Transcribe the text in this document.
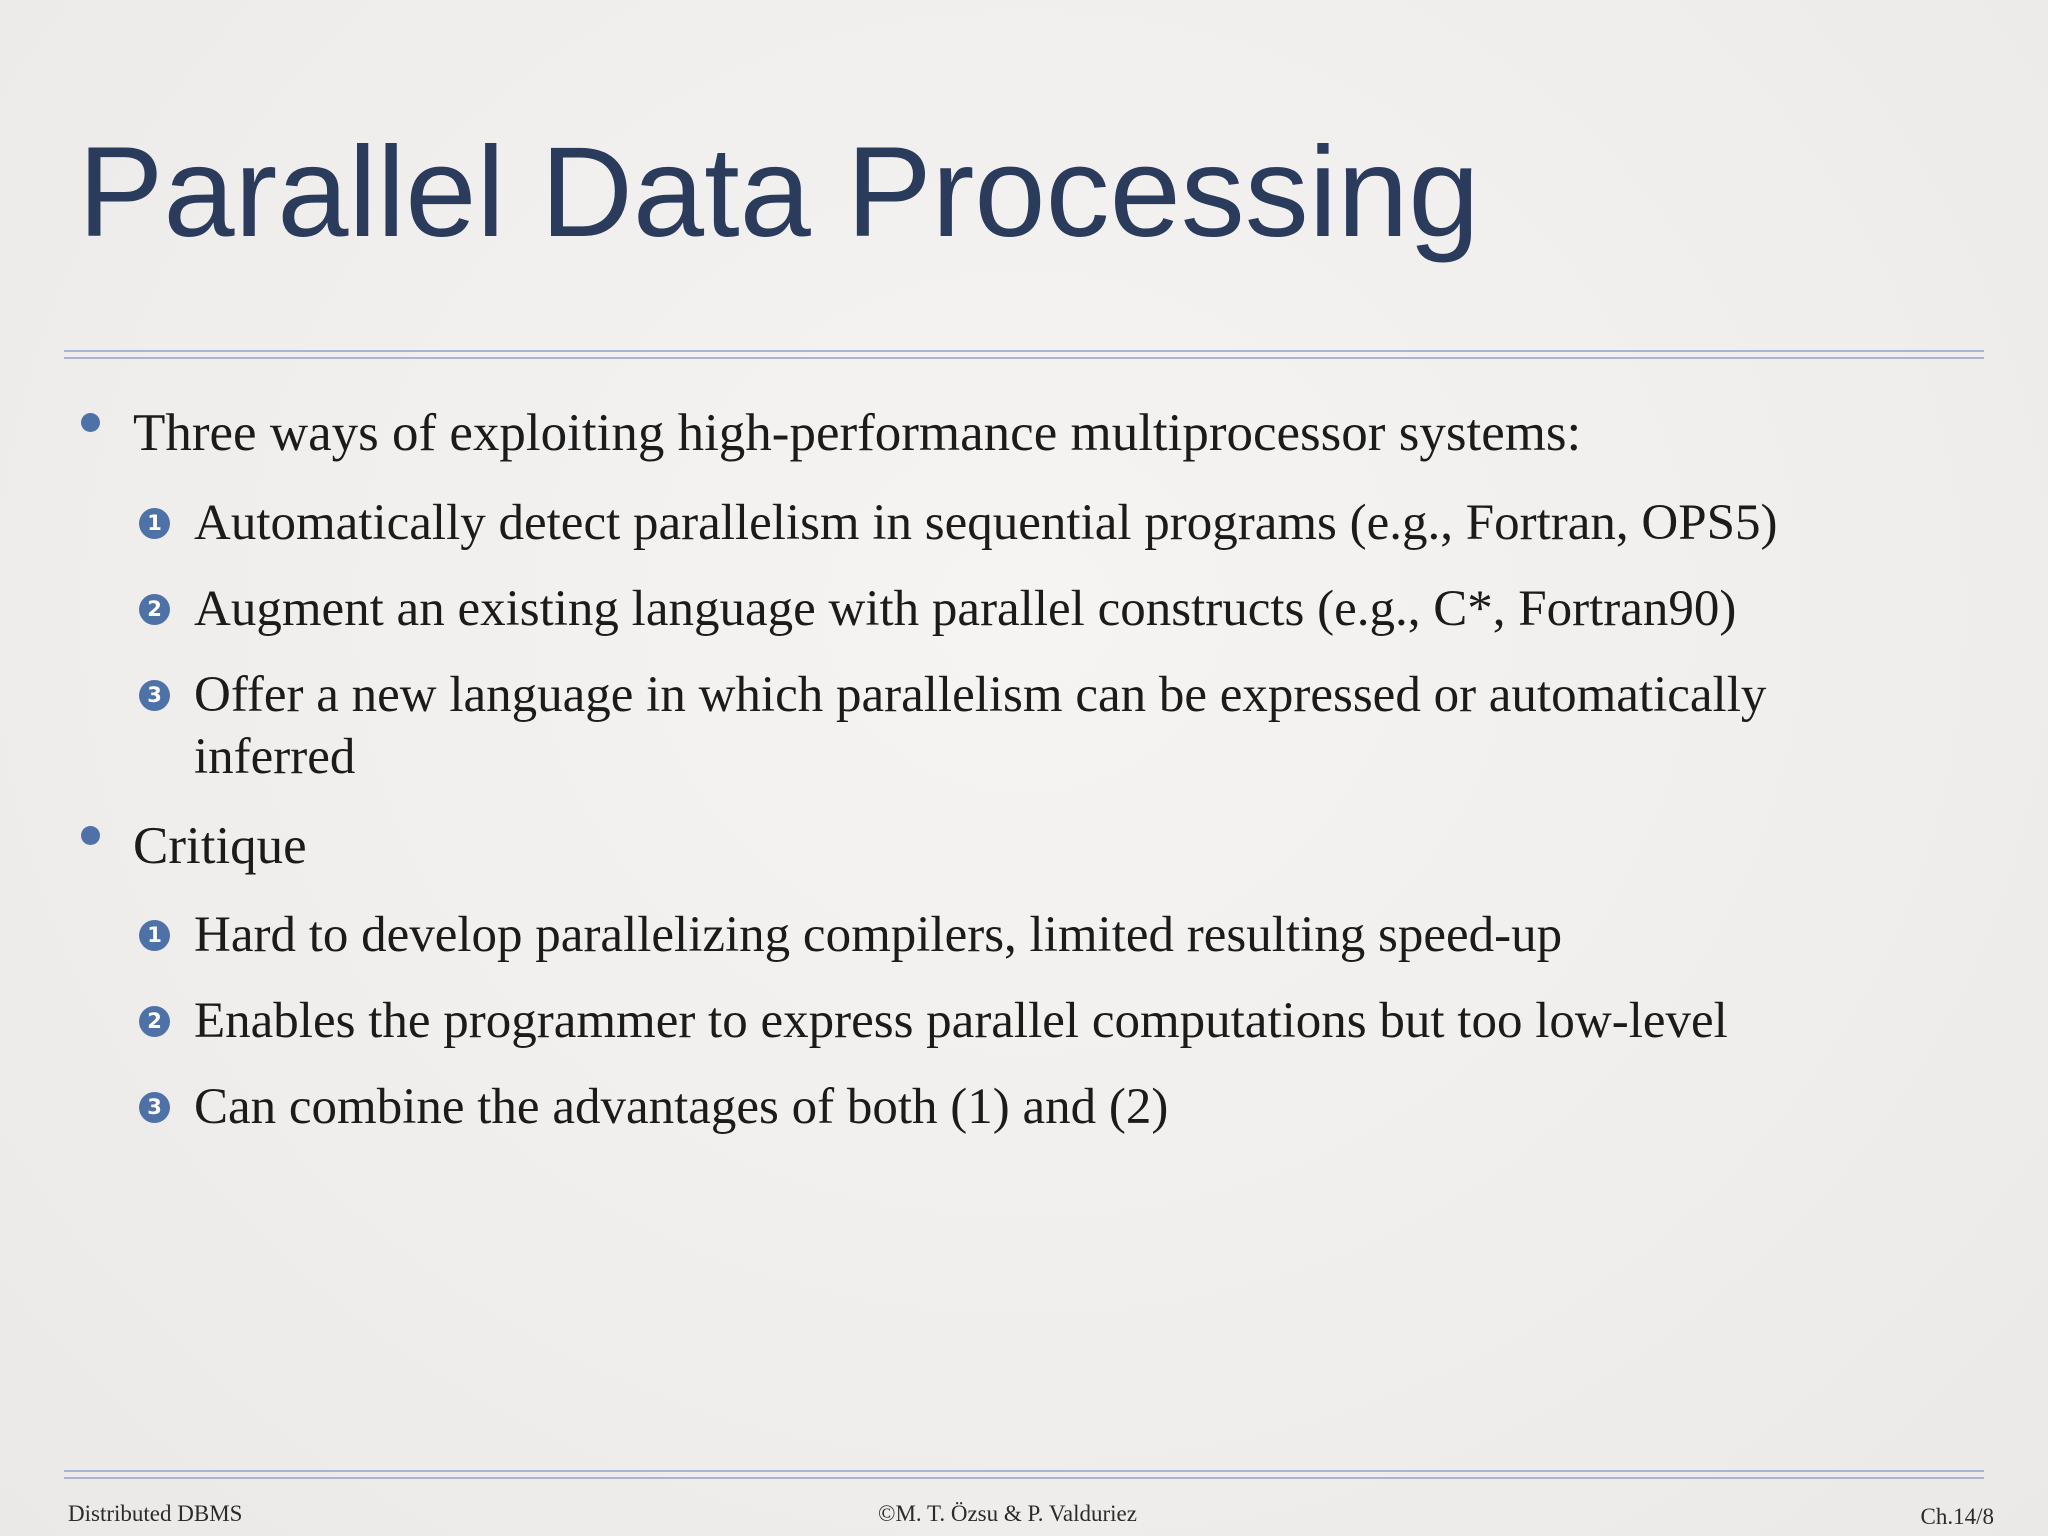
Parallel Data Processing
Three ways of exploiting high-performance multiprocessor systems:
1 Automatically detect parallelism in sequential programs (e.g., Fortran, OPS5)
2 Augment an existing language with parallel constructs (e.g., C*, Fortran90)
3 Offer a new language in which parallelism can be expressed or automatically
inferred
Critique
1 Hard to develop parallelizing compilers, limited resulting speed-up
2 Enables the programmer to express parallel computations but too low-level
3 Can combine the advantages of both (1) and (2)
Distributed DBMS	©M. T. Özsu & P. Valduriez	Ch.14/8
